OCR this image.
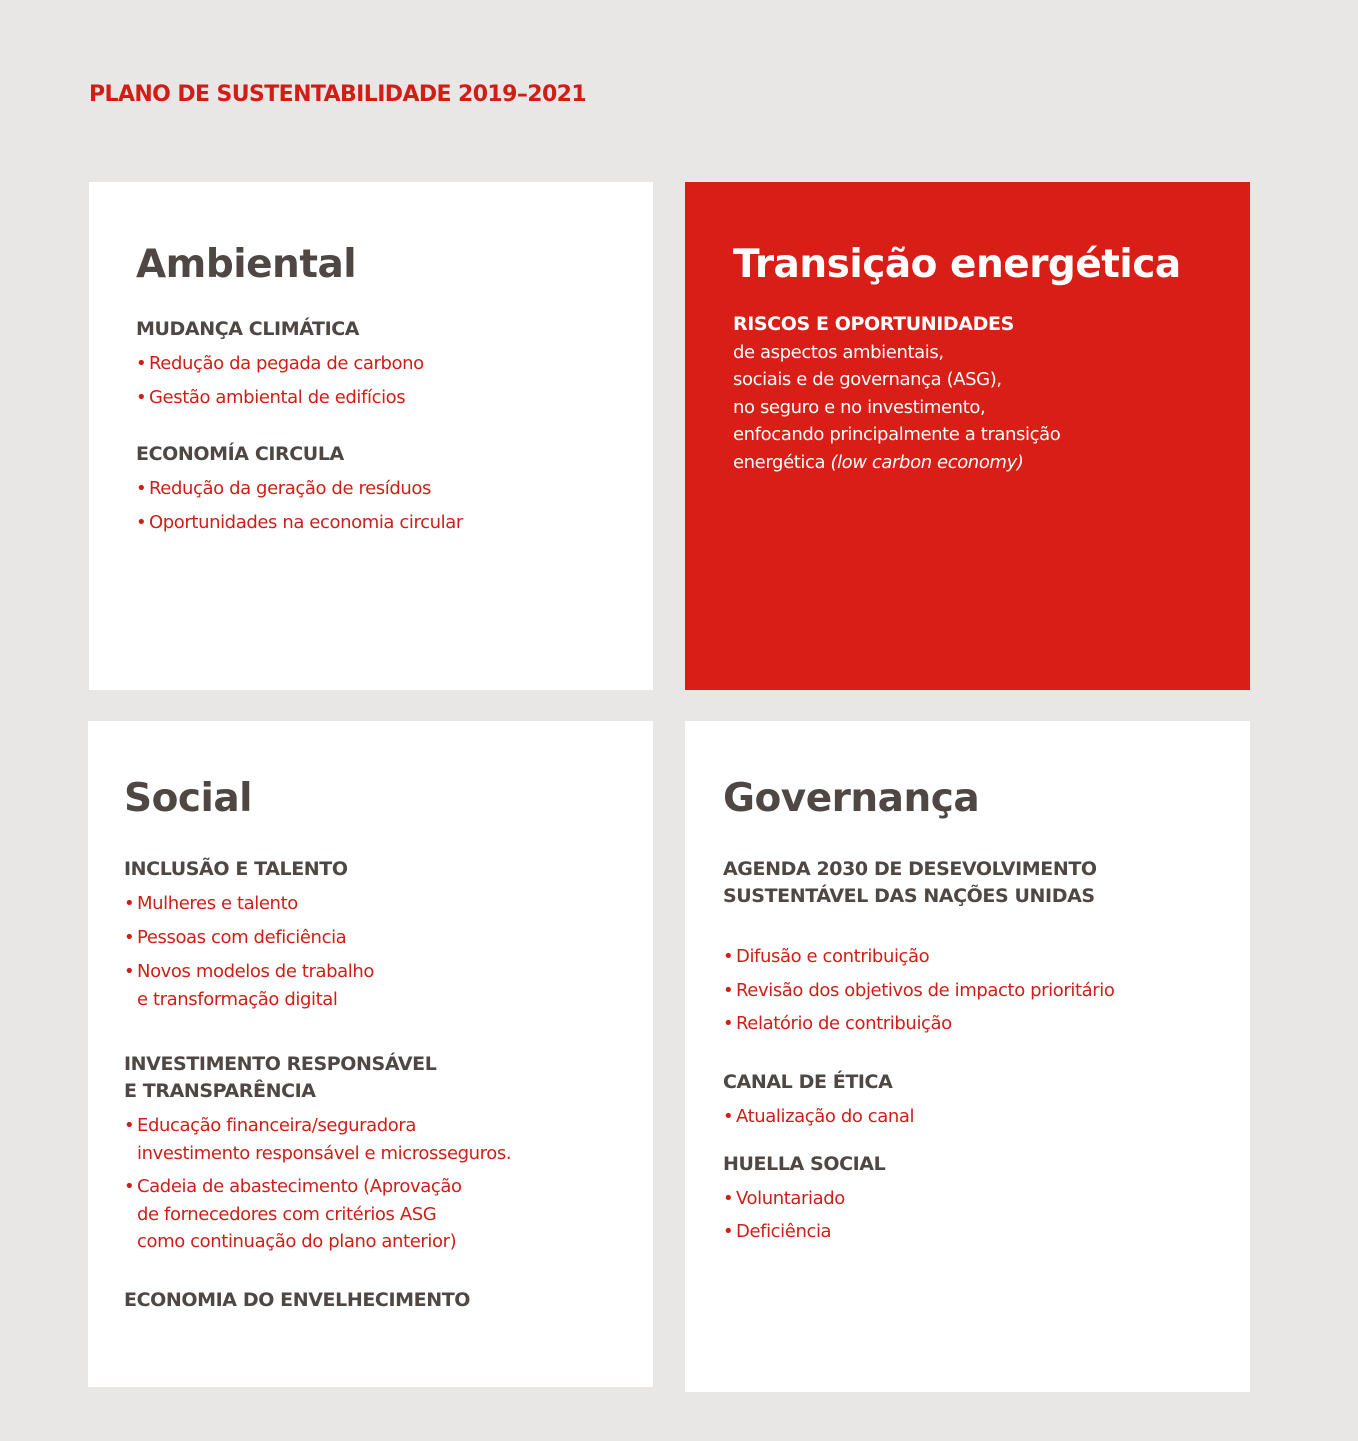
PLANO DE SUSTENTABILIDADE 2019–2021
Ambiental
MUDANÇA CLIMÁTICA
• Redução da pegada de carbono
• Gestão ambiental de edifícios
ECONOMÍA CIRCULA
• Redução da geração de resíduos
• Oportunidades na economia circular
Transição energética
RISCOS E OPORTUNIDADES
de aspectos ambientais,
sociais e de governança (ASG),
no seguro e no investimento,
enfocando principalmente a transição
energética (low carbon economy)
Social
INCLUSÃO E TALENTO
• Mulheres e talento
• Pessoas com deficiência
• Novos modelos de trabalho
e transformação digital
INVESTIMENTO RESPONSÁVEL
E TRANSPARÊNCIA
• Educação financeira/seguradora
investimento responsável e microsseguros.
• Cadeia de abastecimento (Aprovação
de fornecedores com critérios ASG
como continuação do plano anterior)
ECONOMIA DO ENVELHECIMENTO
Governança
AGENDA 2030 DE DESEVOLVIMENTO
SUSTENTÁVEL DAS NAÇÕES UNIDAS
• Difusão e contribuição
• Revisão dos objetivos de impacto prioritário
• Relatório de contribuição
CANAL DE ÉTICA
• Atualização do canal
HUELLA SOCIAL
• Voluntariado
• Deficiência
